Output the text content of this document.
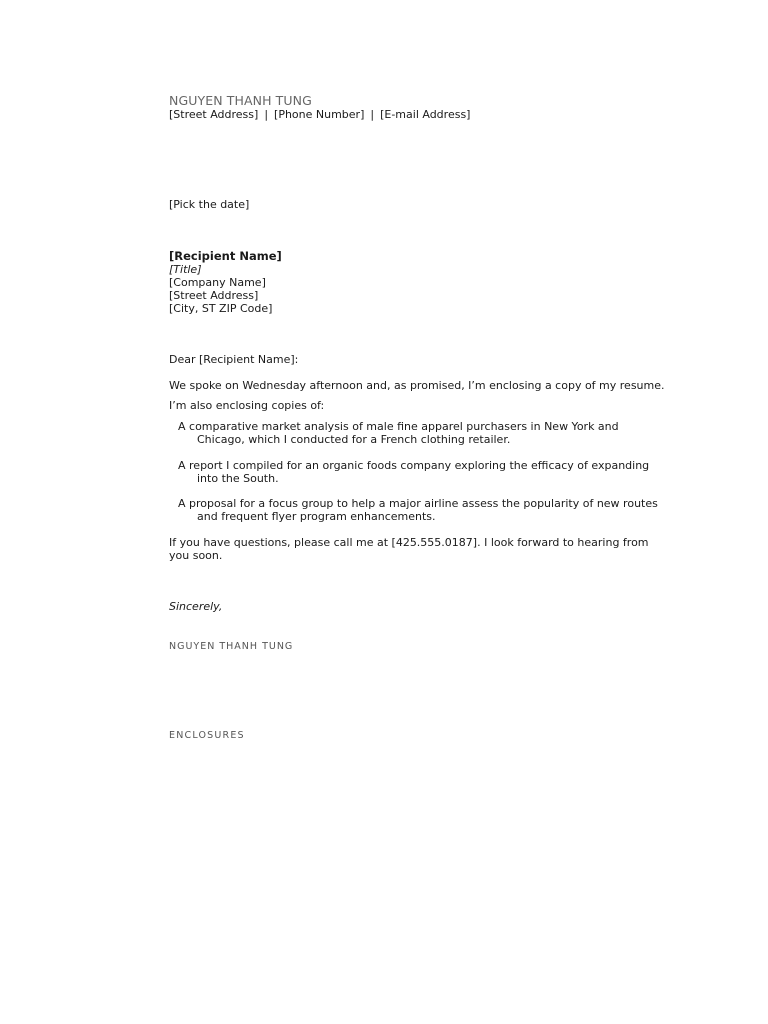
NGUYEN THANH TUNG
[Street Address] | [Phone Number] | [E-mail Address]
[Pick the date]
[Recipient Name]
[Title]
[Company Name]
[Street Address]
[City, ST ZIP Code]
Dear [Recipient Name]:
We spoke on Wednesday afternoon and, as promised, I’m enclosing a copy of my resume.
I’m also enclosing copies of:
A comparative market analysis of male fine apparel purchasers in New York and
Chicago, which I conducted for a French clothing retailer.
A report I compiled for an organic foods company exploring the efficacy of expanding
into the South.
A proposal for a focus group to help a major airline assess the popularity of new routes
and frequent flyer program enhancements.
If you have questions, please call me at [425.555.0187]. I look forward to hearing from
you soon.
Sincerely,
NGUYEN THANH TUNG
ENCLOSURES
